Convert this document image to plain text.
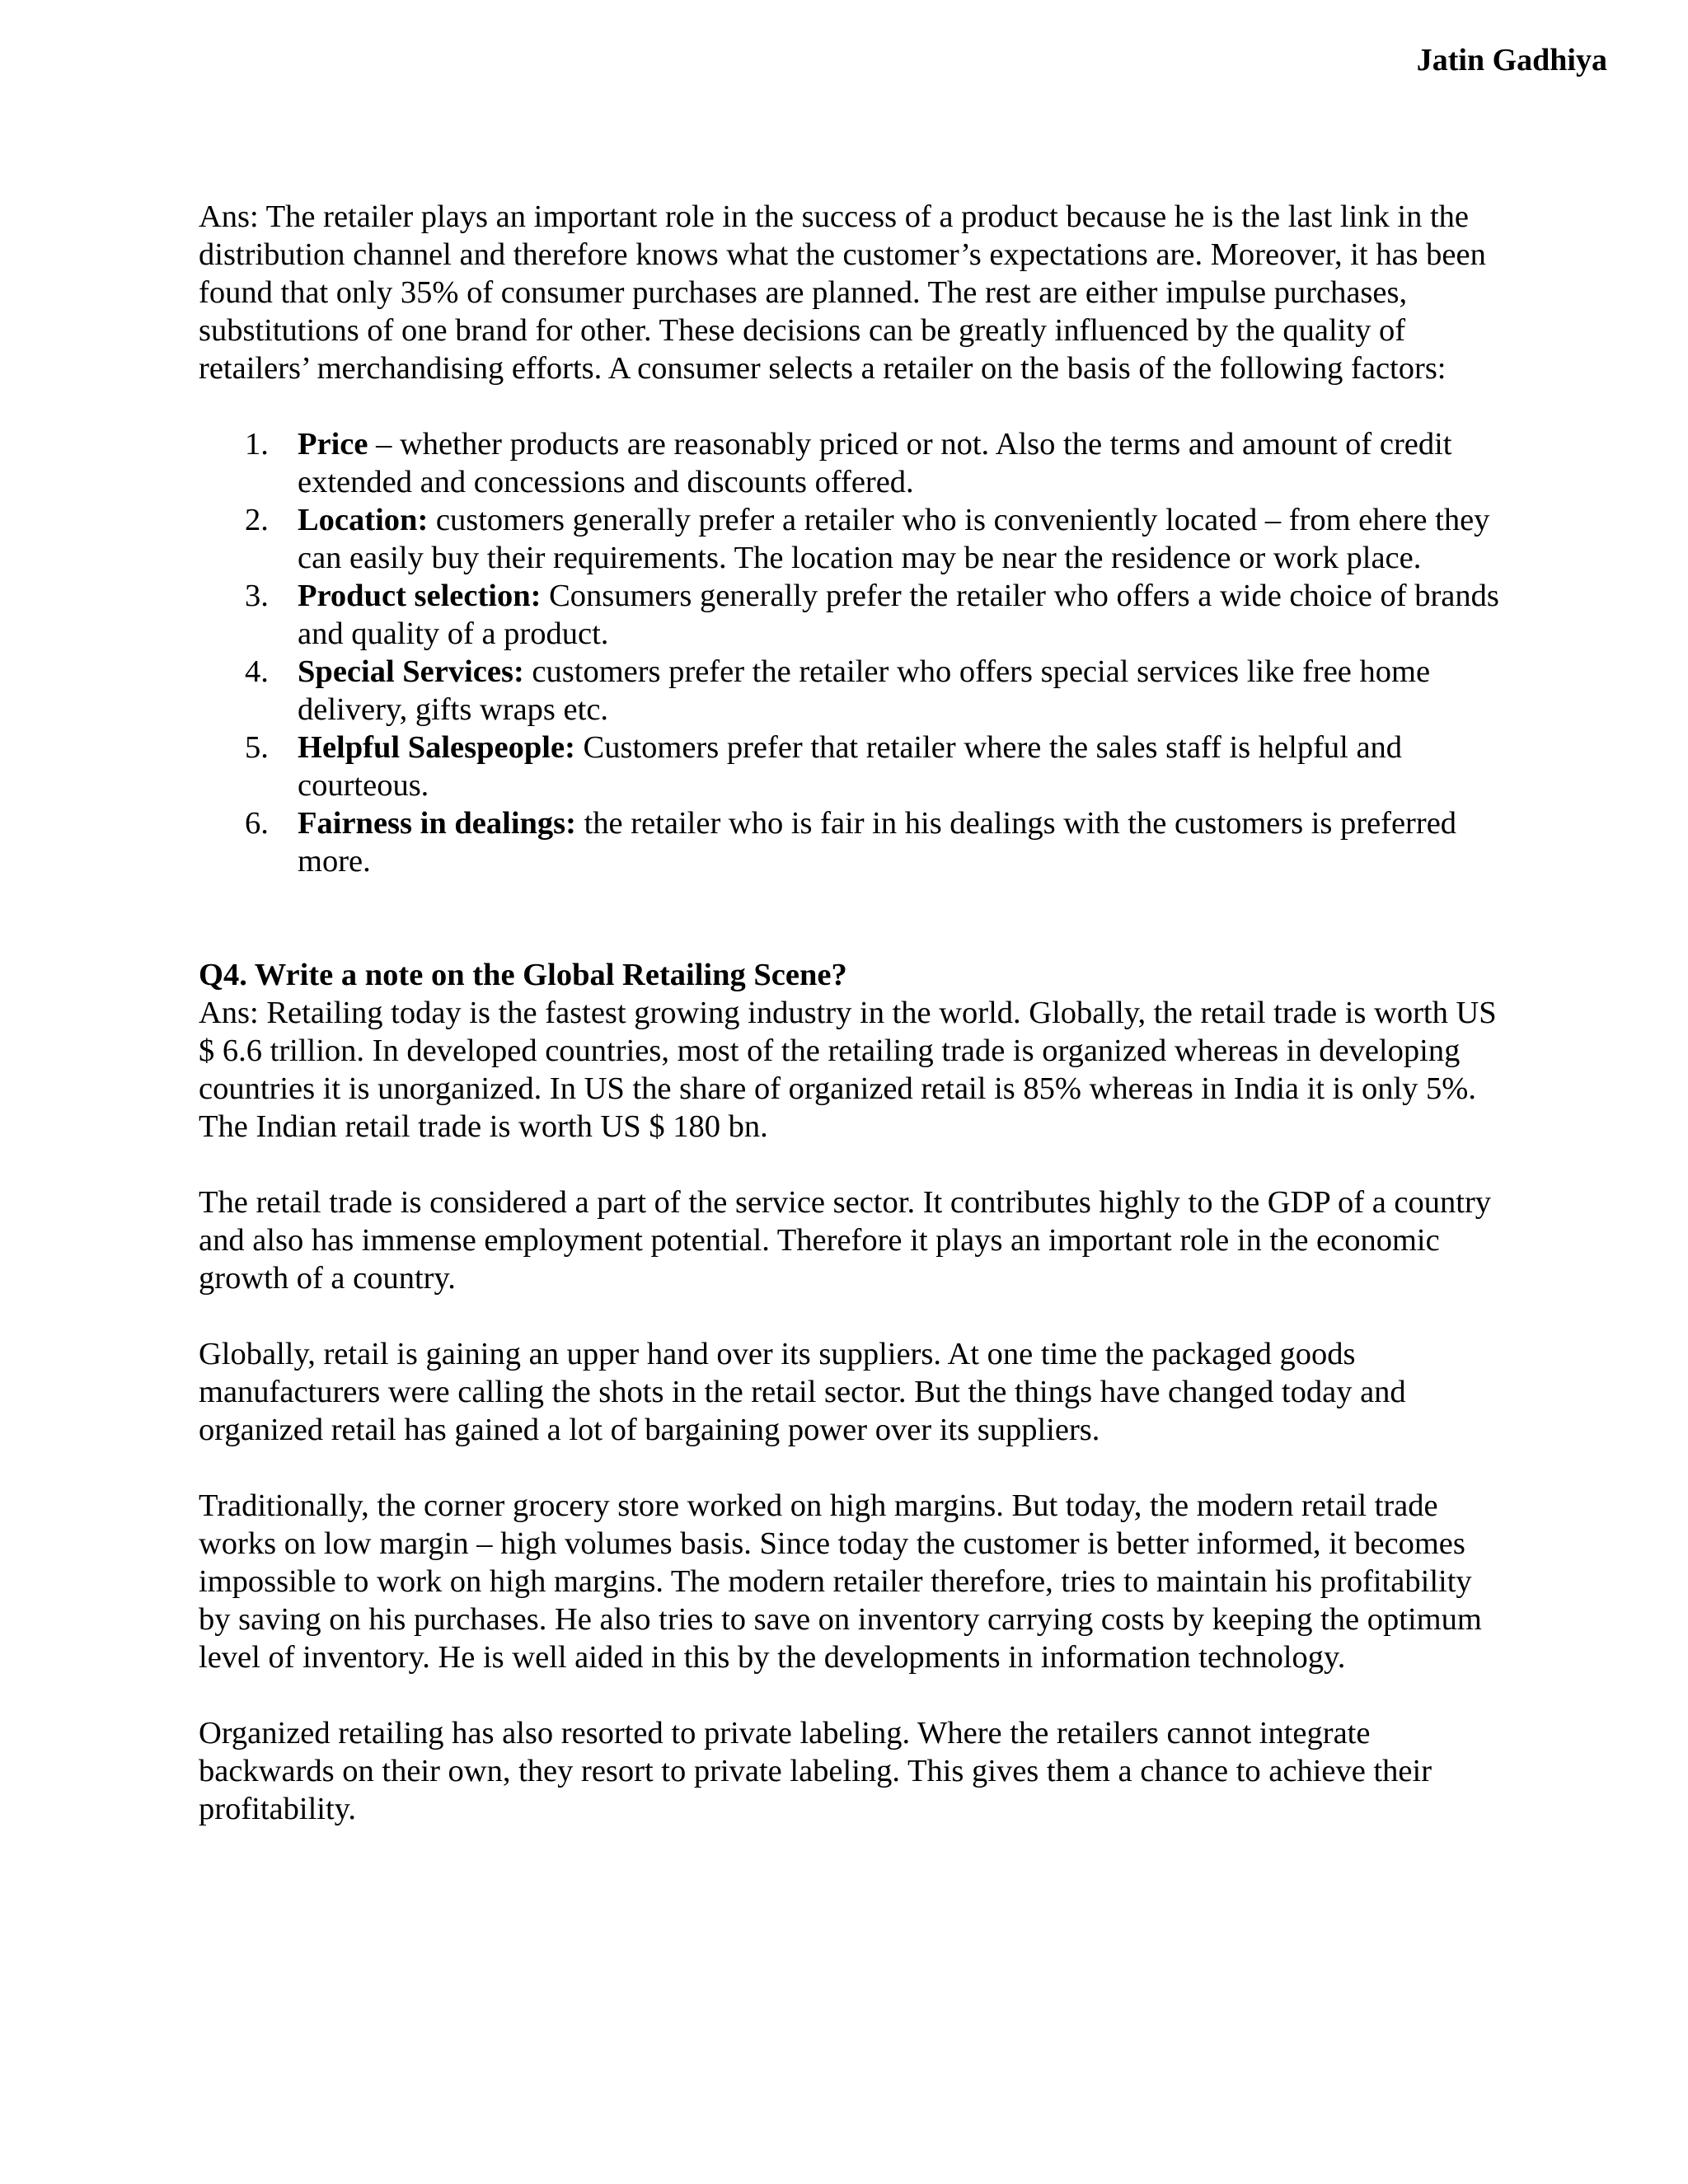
Jatin Gadhiya

Ans: The retailer plays an important role in the success of a product because he is the last link in the distribution channel and therefore knows what the customer’s expectations are. Moreover, it has been found that only 35% of consumer purchases are planned. The rest are either impulse purchases, substitutions of one brand for other. These decisions can be greatly influenced by the quality of retailers’ merchandising efforts. A consumer selects a retailer on the basis of the following factors:

1. Price – whether products are reasonably priced or not. Also the terms and amount of credit extended and concessions and discounts offered.
2. Location: customers generally prefer a retailer who is conveniently located – from ehere they can easily buy their requirements. The location may be near the residence or work place.
3. Product selection: Consumers generally prefer the retailer who offers a wide choice of brands and quality of a product.
4. Special Services: customers prefer the retailer who offers special services like free home delivery, gifts wraps etc.
5. Helpful Salespeople: Customers prefer that retailer where the sales staff is helpful and courteous.
6. Fairness in dealings: the retailer who is fair in his dealings with the customers is preferred more.

Q4. Write a note on the Global Retailing Scene?

Ans: Retailing today is the fastest growing industry in the world. Globally, the retail trade is worth US $ 6.6 trillion. In developed countries, most of the retailing trade is organized whereas in developing countries it is unorganized. In US the share of organized retail is 85% whereas in India it is only 5%. The Indian retail trade is worth US $ 180 bn.

The retail trade is considered a part of the service sector. It contributes highly to the GDP of a country and also has immense employment potential. Therefore it plays an important role in the economic growth of a country.

Globally, retail is gaining an upper hand over its suppliers. At one time the packaged goods manufacturers were calling the shots in the retail sector. But the things have changed today and organized retail has gained a lot of bargaining power over its suppliers.

Traditionally, the corner grocery store worked on high margins. But today, the modern retail trade works on low margin – high volumes basis. Since today the customer is better informed, it becomes impossible to work on high margins. The modern retailer therefore, tries to maintain his profitability by saving on his purchases. He also tries to save on inventory carrying costs by keeping the optimum level of inventory. He is well aided in this by the developments in information technology.

Organized retailing has also resorted to private labeling. Where the retailers cannot integrate backwards on their own, they resort to private labeling. This gives them a chance to achieve their profitability.
